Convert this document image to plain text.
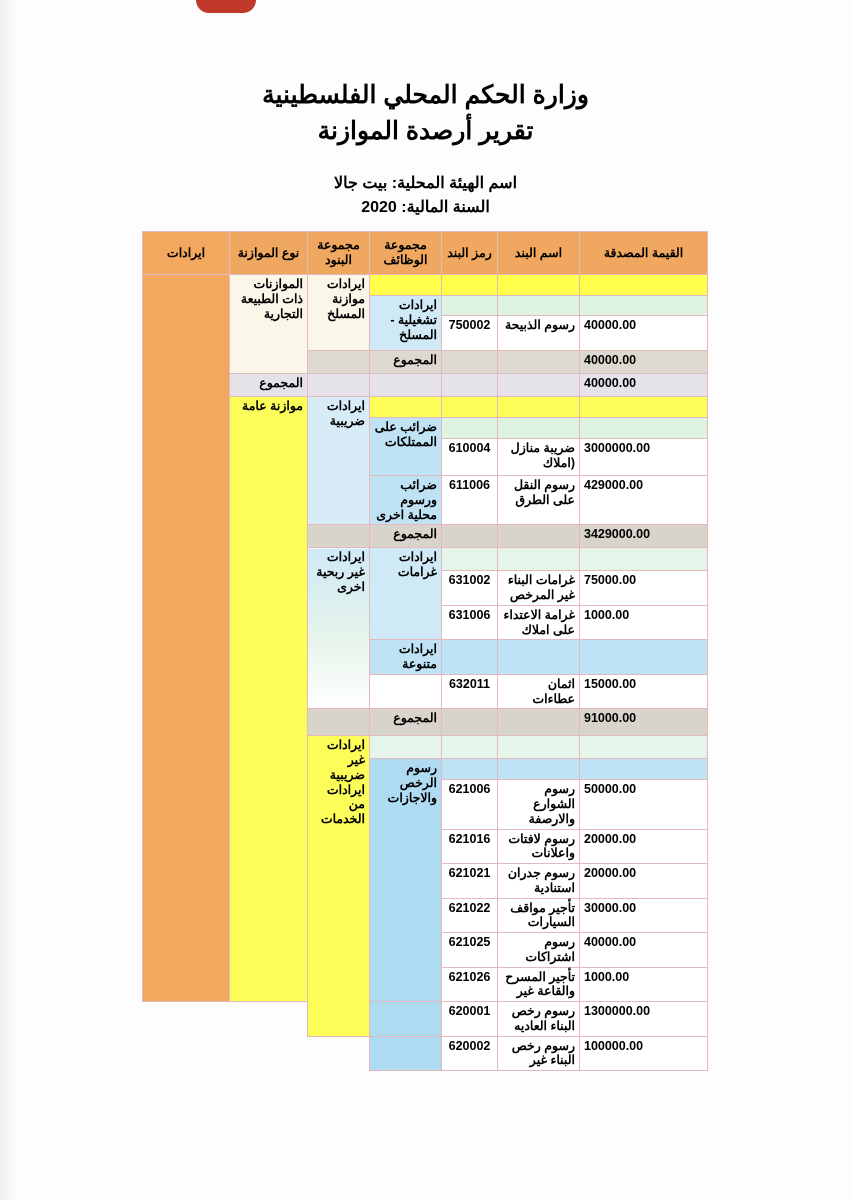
وزارة الحكم المحلي الفلسطينية
تقرير أرصدة الموازنة
اسم الهيئة المحلية: بيت جالا
السنة المالية: 2020
القيمة المصدقة	اسم البند	رمز البند	مجموعة الوظائف	مجموعة البنود	نوع الموازنة	ايرادات
				ايرادات موازنة المسلخ	الموازنات ذات الطبيعة التجارية	
			ايرادات تشغيلية - المسلخ			
40000.00	رسوم الذبيحة	750002				
40000.00			المجموع			
40000.00					المجموع	
				ايرادات ضريبية	موازنة عامة	
			ضرائب على الممتلكات			
3000000.00	ضريبة منازل (املاك	610004				
429000.00	رسوم النقل على الطرق	611006	ضرائب ورسوم محلية اخرى			
3429000.00			المجموع			
			ايرادات غرامات	ايرادات غير ربحية اخرى		
75000.00	غرامات البناء غير المرخص	631002				
1000.00	غرامة الاعتداء على املاك	631006				
			ايرادات متنوعة			
15000.00	اثمان عطاءات	632011				
91000.00			المجموع			
				ايرادات غير ضريبية ايرادات من الخدمات		
			رسوم الرخص والاجازات			
50000.00	رسوم الشوارع والارصفة	621006				
20000.00	رسوم لافتات واعلانات	621016				
20000.00	رسوم جدران استنادية	621021				
30000.00	تأجير مواقف السيارات	621022				
40000.00	رسوم اشتراكات	621025				
1000.00	تأجير المسرح والقاعة غير	621026				
1300000.00	رسوم رخص البناء العاديه	620001				
100000.00	رسوم رخص البناء غير	620002				
